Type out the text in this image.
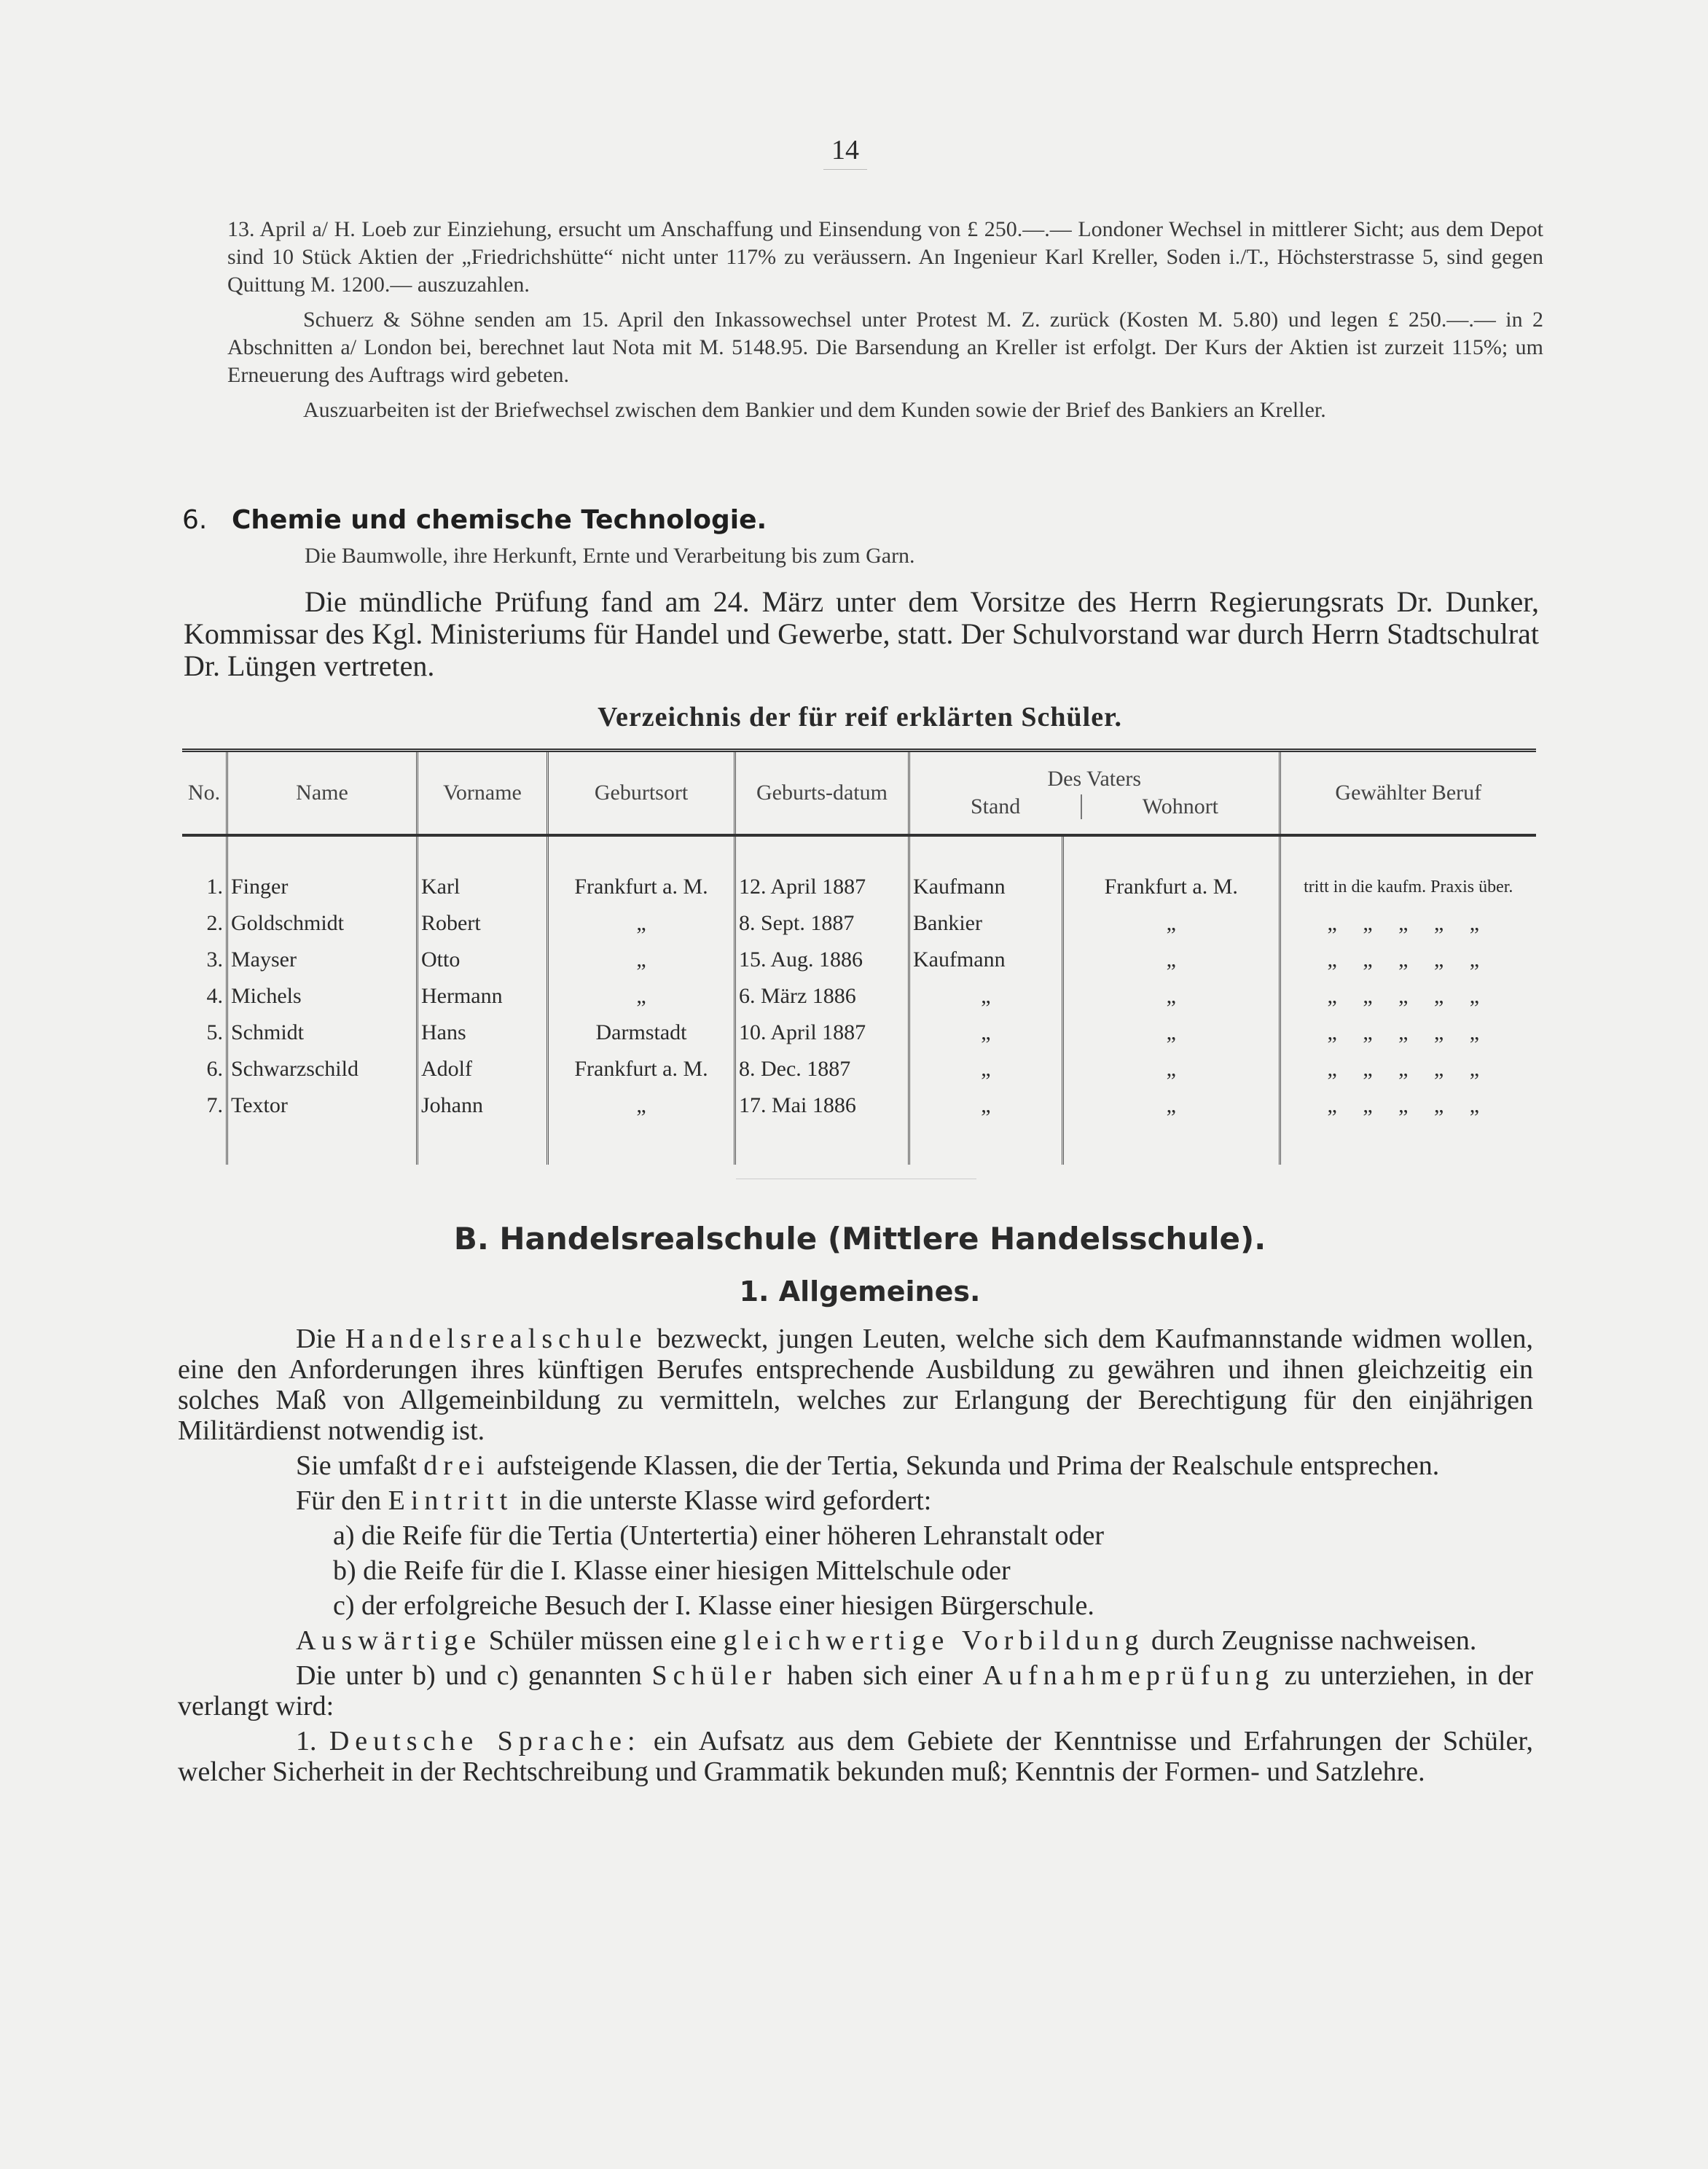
14

13. April a/ H. Loeb zur Einziehung, ersucht um Anschaffung und Einsendung von £ 250.—.— Londoner Wechsel in mittlerer Sicht; aus dem Depot sind 10 Stück Aktien der „Friedrichshütte“ nicht unter 117% zu veräussern. An Ingenieur Karl Kreller, Soden i./T., Höchsterstrasse 5, sind gegen Quittung M. 1200.— auszuzahlen.

Schuerz & Söhne senden am 15. April den Inkassowechsel unter Protest M. Z. zurück (Kosten M. 5.80) und legen £ 250.—.— in 2 Abschnitten a/ London bei, berechnet laut Nota mit M. 5148.95. Die Barsendung an Kreller ist erfolgt. Der Kurs der Aktien ist zurzeit 115%; um Erneuerung des Auftrags wird gebeten.

Auszuarbeiten ist der Briefwechsel zwischen dem Bankier und dem Kunden sowie der Brief des Bankiers an Kreller.

6. Chemie und chemische Technologie.
Die Baumwolle, ihre Herkunft, Ernte und Verarbeitung bis zum Garn.
Die mündliche Prüfung fand am 24. März unter dem Vorsitze des Herrn Regierungsrats Dr. Dunker, Kommissar des Kgl. Ministeriums für Handel und Gewerbe, statt. Der Schulvorstand war durch Herrn Stadtschulrat Dr. Lüngen vertreten.
Verzeichnis der für reif erklärten Schüler.
No.	Name	Vorname	Geburtsort	Geburts-datum	Des Vaters
Stand Wohnort		Gewählter Beruf

1.	Finger	Karl	Frankfurt a. M.	12. April 1887	Kaufmann	Frankfurt a. M.	tritt in die kaufm. Praxis über.
2.	Goldschmidt	Robert	„	8. Sept. 1887	Bankier	„	„ „ „ „ „
3.	Mayser	Otto	„	15. Aug. 1886	Kaufmann	„	„ „ „ „ „
4.	Michels	Hermann	„	6. März 1886	„	„	„ „ „ „ „
5.	Schmidt	Hans	Darmstadt	10. April 1887	„	„	„ „ „ „ „
6.	Schwarzschild	Adolf	Frankfurt a. M.	8. Dec. 1887	„	„	„ „ „ „ „
7.	Textor	Johann	„	17. Mai 1886	„	„	„ „ „ „ „

B. Handelsrealschule (Mittlere Handelsschule).
1. Allgemeines.

Die Handelsrealschule bezweckt, jungen Leuten, welche sich dem Kaufmannstande widmen wollen, eine den Anforderungen ihres künftigen Berufes entsprechende Ausbildung zu gewähren und ihnen gleichzeitig ein solches Maß von Allgemeinbildung zu vermitteln, welches zur Erlangung der Berechtigung für den einjährigen Militärdienst notwendig ist.

Sie umfaßt drei aufsteigende Klassen, die der Tertia, Sekunda und Prima der Realschule entsprechen.

Für den Eintritt in die unterste Klasse wird gefordert:

a) die Reife für die Tertia (Untertertia) einer höheren Lehranstalt oder

b) die Reife für die I. Klasse einer hiesigen Mittelschule oder

c) der erfolgreiche Besuch der I. Klasse einer hiesigen Bürgerschule.

Auswärtige Schüler müssen eine gleichwertige Vorbildung durch Zeugnisse nachweisen.

Die unter b) und c) genannten Schüler haben sich einer Aufnahmeprüfung zu unterziehen, in der verlangt wird:

1. Deutsche Sprache: ein Aufsatz aus dem Gebiete der Kenntnisse und Erfahrungen der Schüler, welcher Sicherheit in der Rechtschreibung und Grammatik bekunden muß; Kenntnis der Formen- und Satzlehre.
